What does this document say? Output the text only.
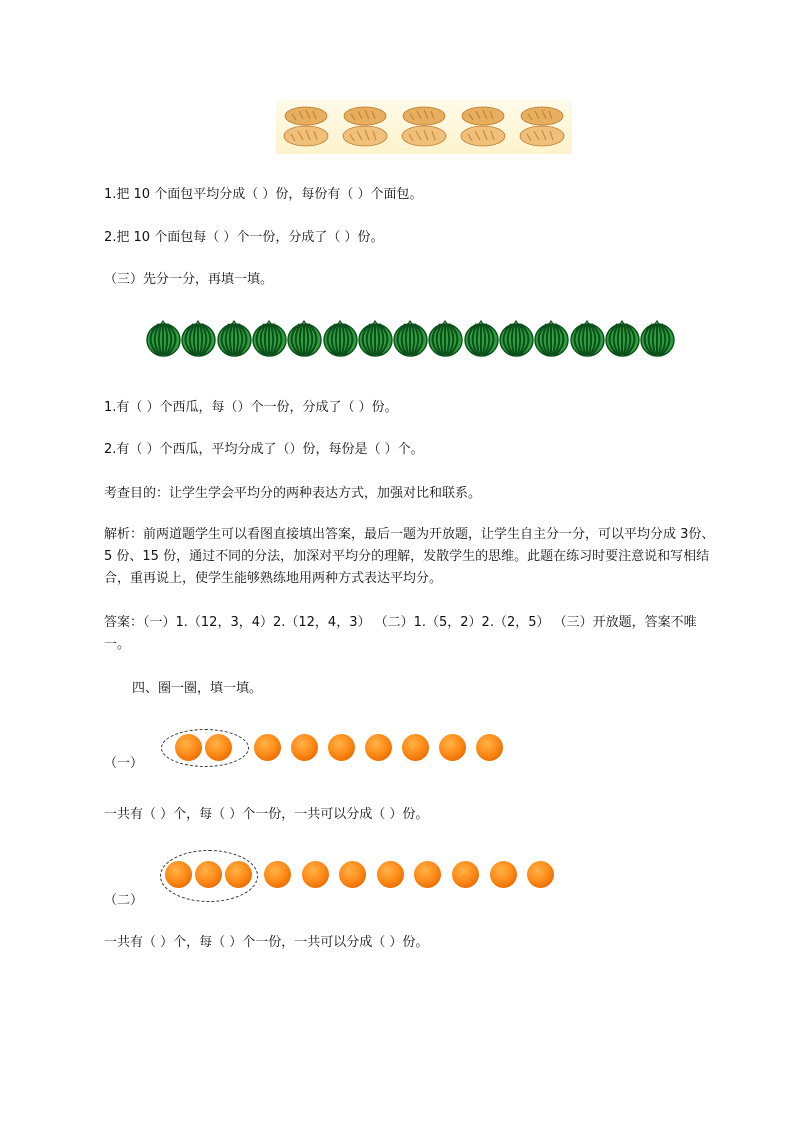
1.把 10 个面包平均分成（ ）份，每份有（ ）个面包。
2.把 10 个面包每（ ）个一份，分成了（ ）份。
（三）先分一分，再填一填。
1.有（ ）个西瓜，每（）个一份，分成了（ ）份。
2.有（ ）个西瓜，平均分成了（）份，每份是（ ）个。
考查目的：让学生学会平均分的两种表达方式，加强对比和联系。
解析：前两道题学生可以看图直接填出答案，最后一题为开放题，让学生自主分一分，可以平均分成 3份、5 份、15 份，通过不同的分法，加深对平均分的理解，发散学生的思维。此题在练习时要注意说和写相结合，重再说上，使学生能够熟练地用两种方式表达平均分。
答案：（一）1.（12，3，4）2.（12，4，3） （二）1.（5，2）2.（2，5） （三）开放题，答案不唯一。
四、圈一圈，填一填。
（一）
一共有（ ）个，每（ ）个一份，一共可以分成（ ）份。
（二）
一共有（ ）个，每（ ）个一份，一共可以分成（ ）份。
